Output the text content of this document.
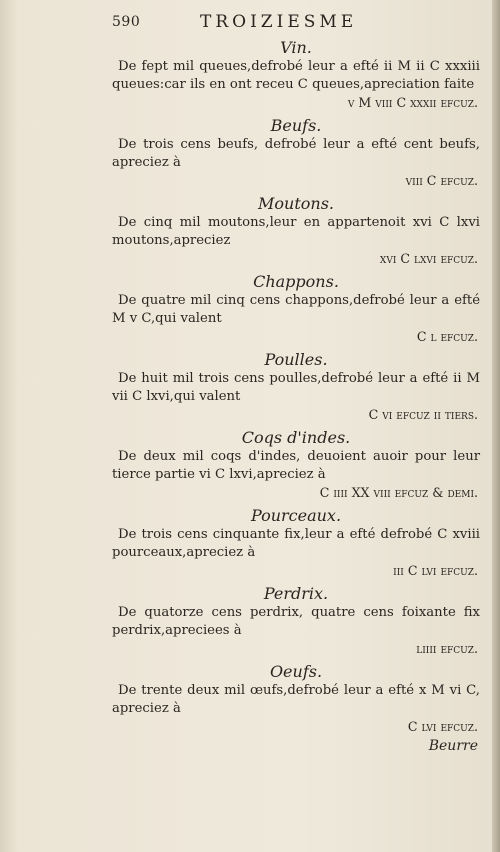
590	TROIZIESME

Vin.

De fept mil queues,defrobé leur a efté ii M ii C xxxiii queues:car ils en ont receu C queues,apreciation faite

v M viii C xxxii efcuz.

Beufs.

De trois cens beufs, defrobé leur a efté cent beufs, apreciez à

viii C efcuz.

Moutons.

De cinq mil moutons,leur en appartenoit xvi C lxvi moutons,apreciez

xvi C lxvi efcuz.

Chappons.

De quatre mil cinq cens chappons,defrobé leur a efté M v C,qui valent

C l efcuz.

Poulles.

De huit mil trois cens poulles,defrobé leur a efté ii M vii C lxvi,qui valent

C vi efcuz ii tiers.

Coqs d'indes.

De deux mil coqs d'indes, deuoient auoir pour leur tierce partie vi C lxvi,apreciez à

C iiii XX viii efcuz & demi.

Pourceaux.

De trois cens cinquante fix,leur a efté defrobé C xviii pourceaux,apreciez à

iii C lvi efcuz.

Perdrix.

De quatorze cens perdrix, quatre cens foixante fix perdrix,apreciees à

liiii efcuz.

Oeufs.

De trente deux mil œufs,defrobé leur a efté x M vi C, apreciez à

C lvi efcuz.

Beurre
